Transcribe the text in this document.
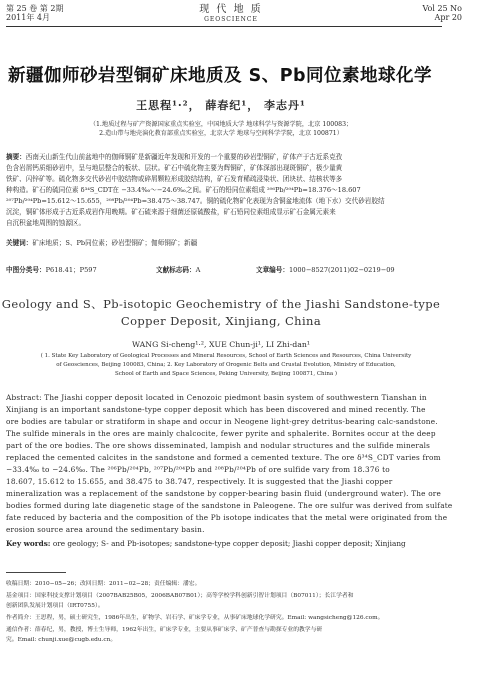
第 25 卷 第 2期
2011年 4月
现 代 地 质
GEOSCIENCE
Vol 25 No
Apr 20
新疆伽师砂岩型铜矿床地质及 S、Pb同位素地球化学
王思程¹·²， 薛春纪¹， 李志丹¹
（1.地质过程与矿产资源国家重点实验室，中国地质大学 地球科学与资源学院，北京 100083；
2.造山带与地壳演化教育部重点实验室，北京大学 地球与空间科学学院，北京 100871）
摘要：西南天山新生代山前盆地中的伽师铜矿是新疆近年发现和开发的一个重要的砂岩型铜矿，矿体产于古近系克孜
色含岩屑钙质细砂岩中，呈与地层整合的板状、层状。矿石中硫化物主要为辉铜矿，矿体深部出现斑铜矿，极少量黄
铁矿、闪锌矿等。硫化物多交代砂岩中胶结物或碎屑颗粒形成胶结结构，矿石发育稀疏浸染状、团块状、结核状等多
种构造。矿石的硫同位素 δ³⁴S_CDT在 −33.4‰～−24.6‰之间。矿石的铅同位素组成 ²⁰⁶Pb/²⁰⁴Pb=18.376～18.607
²⁰⁷Pb/²⁰⁴Pb=15.612～15.655，²⁰⁸Pb/²⁰⁴Pb=38.475～38.747。铜的硫化物矿化表现为含铜盆地流体（地下水）交代砂岩胶结
沉淀，铜矿体形成于古近系成岩作用晚期。矿石硫来源于细菌还原硫酸盐，矿石铅同位素组成显示矿石金属元素来
自沉积盆地周围的蚀源区。
关键词：矿床地质；S、Pb同位素；砂岩型铜矿；伽师铜矿；新疆
中图分类号：P618.41；P597	文献标志码：A	文章编号：1000−8527(2011)02−0219−09
Geology and S、Pb-isotopic Geochemistry of the Jiashi Sandstone-type
Copper Deposit, Xinjiang, China
WANG Si-cheng¹·², XUE Chun-ji¹, LI Zhi-dan¹
( 1. State Key Laboratory of Geological Processes and Mineral Resources, School of Earth Sciences and Resources, China University
of Geosciences, Beijing 100083, China; 2. Key Laboratory of Orogenic Belts and Crustal Evolution, Ministry of Education,
School of Earth and Space Sciences, Peking University, Beijing 100871, China )
Abstract: The Jiashi copper deposit located in Cenozoic piedmont basin system of southwestern Tianshan in
Xinjiang is an important sandstone-type copper deposit which has been discovered and mined recently. The
ore bodies are tabular or stratiform in shape and occur in Neogene light-grey detritus-bearing calc-sandstone.
The sulfide minerals in the ores are mainly chalcocite, fewer pyrite and sphalerite. Bornites occur at the deep
part of the ore bodies. The ore shows disseminated, lampish and nodular structures and the sulfide minerals
replaced the cemented calcites in the sandstone and formed a cemented texture. The ore δ³⁴S_CDT varies from
−33.4‰ to −24.6‰. The ²⁰⁶Pb/²⁰⁴Pb, ²⁰⁷Pb/²⁰⁴Pb and ²⁰⁸Pb/²⁰⁴Pb of ore sulfide vary from 18.376 to
18.607, 15.612 to 15.655, and 38.475 to 38.747, respectively. It is suggested that the Jiashi copper
mineralization was a replacement of the sandstone by copper-bearing basin fluid (underground water). The ore
bodies formed during late diagenetic stage of the sandstone in Paleogene. The ore sulfur was derived from sulfate
fate reduced by bacteria and the composition of the Pb isotope indicates that the metal were originated from the
erosion source area around the sedimentary basin.
Key words: ore geology; S- and Pb-isotopes; sandstone-type copper deposit; Jiashi copper deposit; Xinjiang
收稿日期：2010−05−26；改回日期：2011−02−28；责任编辑：潘宏。
基金项目：国家科技支撑计划项目（2007BAB25B05，2006BAB07B01）；高等学校学科创新引智计划项目（B07011）；长江学者和
创新团队发展计划项目（IRT0755）。
作者简介：王思程，男，硕士研究生，1986年出生，矿物学、岩石学、矿床学专业，从事矿床地球化学研究。Email: wangsicheng@126.com。
通信作者：薛春纪，男，教授，博士生导师，1962年出生，矿床学专业，主要从事矿床学、矿产普查与勘探专业的教学与研
究。Email: chunji.xue@cugb.edu.cn。
